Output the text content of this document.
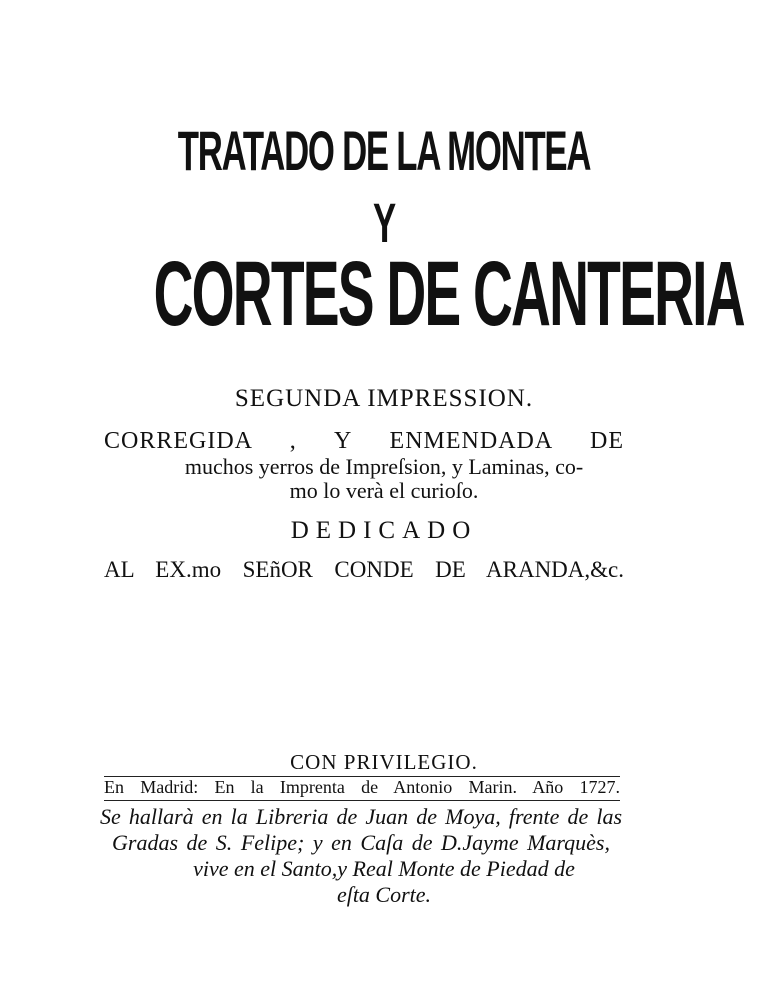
TRATADO DE LA MONTEA
Y
CORTES DE CANTERIA
SEGUNDA IMPRESSION.
CORREGIDA , Y ENMENDADA DE
muchos yerros de Impreſsion, y Laminas, co-
mo lo verà el curioſo.
DEDICADO
AL EX.mo SEñOR CONDE DE ARANDA,&c.
CON PRIVILEGIO.
En Madrid: En la Imprenta de Antonio Marin. Año 1727.
Se hallarà en la Libreria de Juan de Moya, frente de las
Gradas de S. Felipe; y en Caſa de D.Jayme Marquès,
vive en el Santo,y Real Monte de Piedad de
eſta Corte.
